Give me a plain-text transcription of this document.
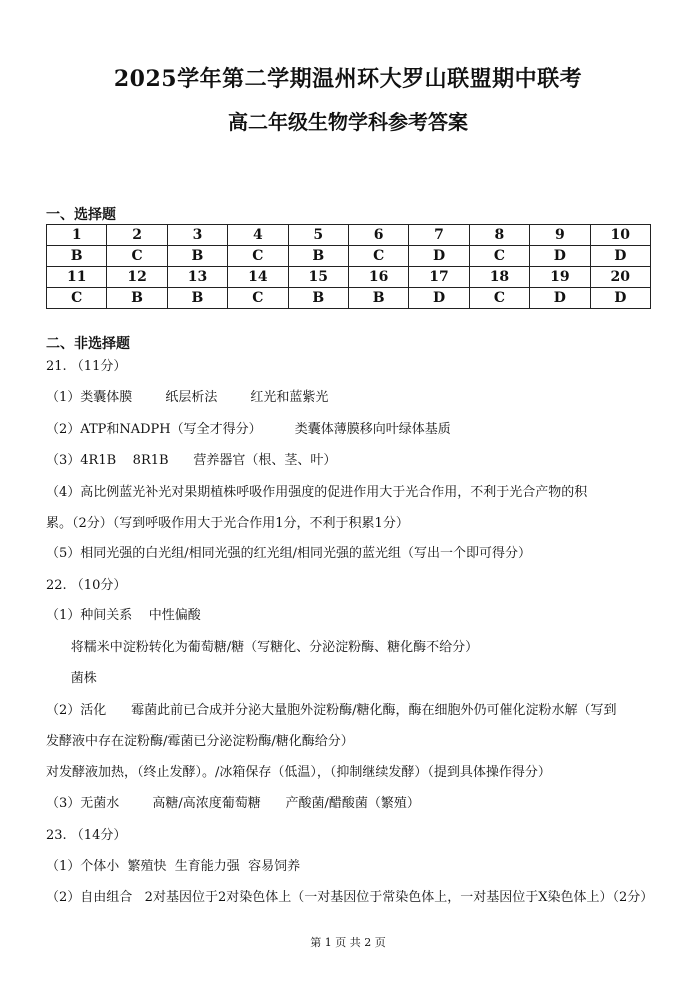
2025学年第二学期温州环大罗山联盟期中联考
高二年级生物学科参考答案
一、选择题
1	2	3	4	5	6	7	8	9	10
B	C	B	C	B	C	D	C	D	D
11	12	13	14	15	16	17	18	19	20
C	B	B	C	B	B	D	C	D	D
二、非选择题
21. （11分）
（1）类囊体膜        纸层析法        红光和蓝紫光
（2）ATP和NADPH（写全才得分）        类囊体薄膜移向叶绿体基质
（3）4R1B    8R1B      营养器官（根、茎、叶）
（4）高比例蓝光补光对果期植株呼吸作用强度的促进作用大于光合作用，不利于光合产物的积
累。（2分）（写到呼吸作用大于光合作用1分，不利于积累1分）
（5）相同光强的白光组/相同光强的红光组/相同光强的蓝光组（写出一个即可得分）
22. （10分）
（1）种间关系    中性偏酸
将糯米中淀粉转化为葡萄糖/糖（写糖化、分泌淀粉酶、糖化酶不给分）
菌株
（2）活化      霉菌此前已合成并分泌大量胞外淀粉酶/糖化酶，酶在细胞外仍可催化淀粉水解（写到
发酵液中存在淀粉酶/霉菌已分泌淀粉酶/糖化酶给分）
对发酵液加热，（终止发酵）。/冰箱保存（低温），（抑制继续发酵）（提到具体操作得分）
（3）无菌水        高糖/高浓度葡萄糖      产酸菌/醋酸菌（繁殖）
23. （14分）
（1）个体小  繁殖快  生育能力强  容易饲养
（2）自由组合   2对基因位于2对染色体上（一对基因位于常染色体上，一对基因位于X染色体上）（2分）
第 1 页 共 2 页
